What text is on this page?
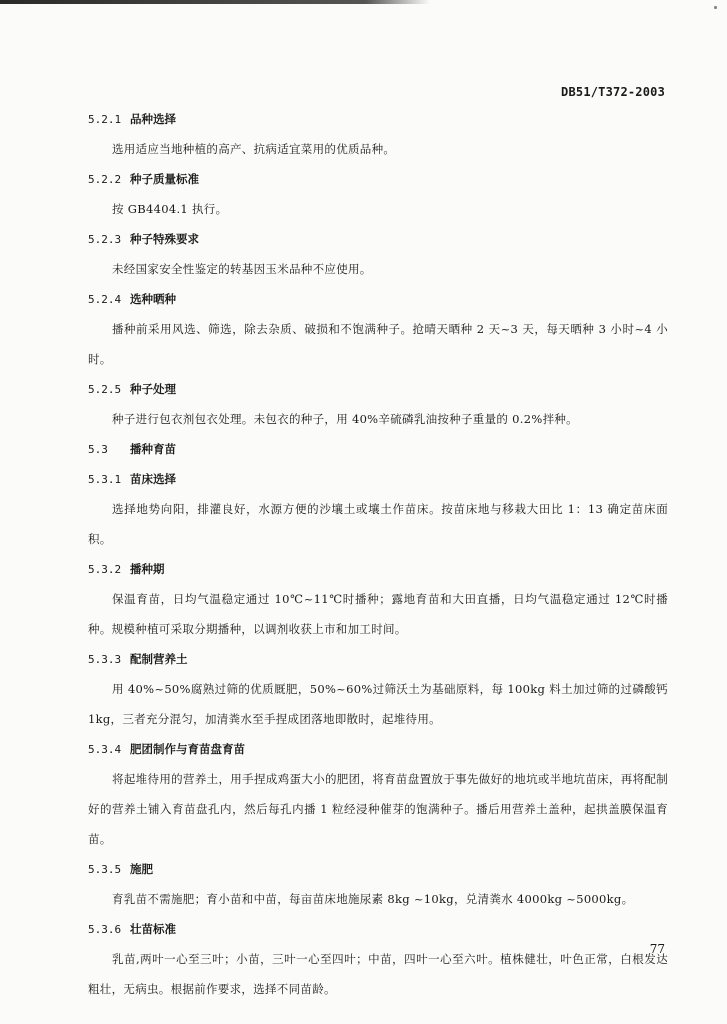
DB51/T372-2003
5.2.1 品种选择

选用适应当地种植的高产、抗病适宜菜用的优质品种。

5.2.2 种子质量标准

按 GB4404.1 执行。

5.2.3 种子特殊要求

未经国家安全性鉴定的转基因玉米品种不应使用。

5.2.4 选种晒种

播种前采用风选、筛选，除去杂质、破损和不饱满种子。抢晴天晒种 2 天~3 天，每天晒种 3 小时~4 小时。

5.2.5 种子处理

种子进行包衣剂包衣处理。未包衣的种子，用 40%辛硫磷乳油按种子重量的 0.2%拌种。

5.3 播种育苗
5.3.1 苗床选择

选择地势向阳，排灌良好，水源方便的沙壤土或壤土作苗床。按苗床地与移栽大田比 1：13 确定苗床面积。

5.3.2 播种期

保温育苗，日均气温稳定通过 10℃~11℃时播种；露地育苗和大田直播，日均气温稳定通过 12℃时播种。规模种植可采取分期播种，以调剂收获上市和加工时间。

5.3.3 配制营养土

用 40%~50%腐熟过筛的优质厩肥，50%~60%过筛沃土为基础原料，每 100kg 料土加过筛的过磷酸钙 1kg，三者充分混匀，加清粪水至手捏成团落地即散时，起堆待用。

5.3.4 肥团制作与育苗盘育苗

将起堆待用的营养土，用手捏成鸡蛋大小的肥团，将育苗盘置放于事先做好的地坑或半地坑苗床，再将配制好的营养土铺入育苗盘孔内，然后每孔内播 1 粒经浸种催芽的饱满种子。播后用营养土盖种，起拱盖膜保温育苗。

5.3.5 施肥

育乳苗不需施肥；育小苗和中苗，每亩苗床地施尿素 8kg ~10kg，兑清粪水 4000kg ~5000kg。

5.3.6 壮苗标准

乳苗,两叶一心至三叶；小苗，三叶一心至四叶；中苗，四叶一心至六叶。植株健壮，叶色正常，白根发达粗壮，无病虫。根据前作要求，选择不同苗龄。

77
